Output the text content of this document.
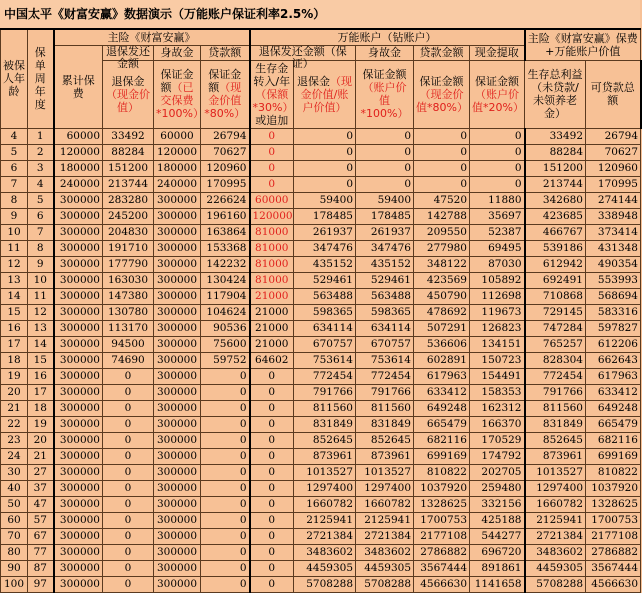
中国太平《财富安赢》数据演示（万能账户保证利率2.5%）
被保人年龄	保单周年度	主险《财富安赢》				万能账户（钻账户）					主险《财富安赢》保费+万能账户价值	
		累计保费	退保发还金额	身故金	贷款额	退保发还金额（保证）		身故金	贷款金额	现金提取		
			退保金（现金价值）	保证金额（已交保费*100%）	保证金额（现金价值*80%）	生存金转入/年（保额*30%）或追加	退保金（现金价值/账户价值）	保证金额（账户价值*100%）	保证金额（现金价值*80%）	保证金额（账户价值*20%）	生存总利益（未贷款/未领养老金）	可贷款总额
4	1	60000	33492	60000	26794	0	0	0	0	0	33492	26794
5	2	120000	88284	120000	70627	0	0	0	0	0	88284	70627
6	3	180000	151200	180000	120960	0	0	0	0	0	151200	120960
7	4	240000	213744	240000	170995	0	0	0	0	0	213744	170995
8	5	300000	283280	300000	226624	60000	59400	59400	47520	11880	342680	274144
9	6	300000	245200	300000	196160	120000	178485	178485	142788	35697	423685	338948
10	7	300000	204830	300000	163864	81000	261937	261937	209550	52387	466767	373414
11	8	300000	191710	300000	153368	81000	347476	347476	277980	69495	539186	431348
12	9	300000	177790	300000	142232	81000	435152	435152	348122	87030	612942	490354
13	10	300000	163030	300000	130424	81000	529461	529461	423569	105892	692491	553993
14	11	300000	147380	300000	117904	21000	563488	563488	450790	112698	710868	568694
15	12	300000	130780	300000	104624	21000	598365	598365	478692	119673	729145	583316
16	13	300000	113170	300000	90536	21000	634114	634114	507291	126823	747284	597827
17	14	300000	94500	300000	75600	21000	670757	670757	536606	134151	765257	612206
18	15	300000	74690	300000	59752	64602	753614	753614	602891	150723	828304	662643
19	16	300000	0	300000	0	0	772454	772454	617963	154491	772454	617963
20	17	300000	0	300000	0	0	791766	791766	633412	158353	791766	633412
21	18	300000	0	300000	0	0	811560	811560	649248	162312	811560	649248
22	19	300000	0	300000	0	0	831849	831849	665479	166370	831849	665479
23	20	300000	0	300000	0	0	852645	852645	682116	170529	852645	682116
24	21	300000	0	300000	0	0	873961	873961	699169	174792	873961	699169
30	27	300000	0	300000	0	0	1013527	1013527	810822	202705	1013527	810822
40	37	300000	0	300000	0	0	1297400	1297400	1037920	259480	1297400	1037920
50	47	300000	0	300000	0	0	1660782	1660782	1328625	332156	1660782	1328625
60	57	300000	0	300000	0	0	2125941	2125941	1700753	425188	2125941	1700753
70	67	300000	0	300000	0	0	2721384	2721384	2177108	544277	2721384	2177108
80	77	300000	0	300000	0	0	3483602	3483602	2786882	696720	3483602	2786882
90	87	300000	0	300000	0	0	4459305	4459305	3567444	891861	4459305	3567444
100	97	300000	0	300000	0	0	5708288	5708288	4566630	1141658	5708288	4566630
